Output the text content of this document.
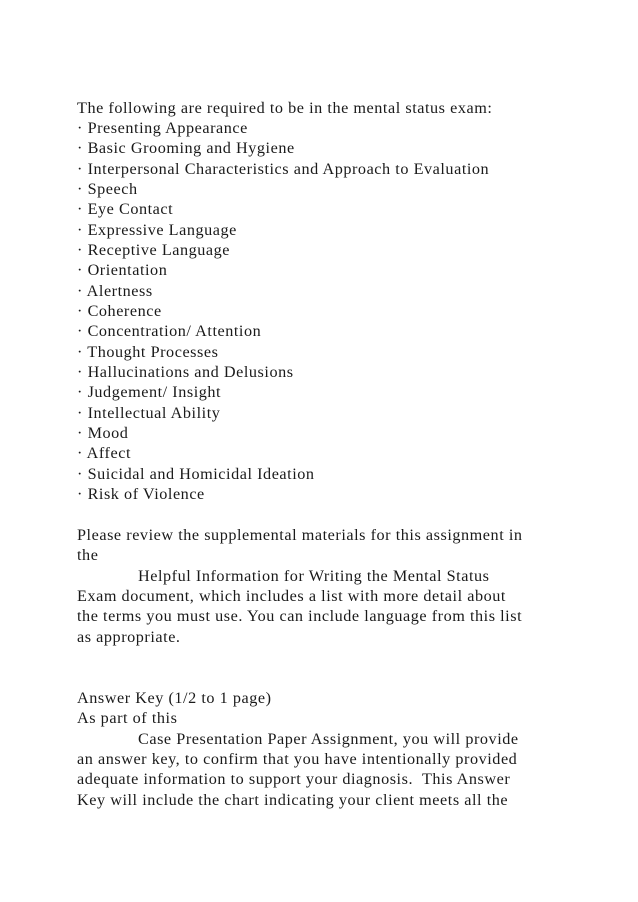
The following are required to be in the mental status exam:
· Presenting Appearance
· Basic Grooming and Hygiene
· Interpersonal Characteristics and Approach to Evaluation
· Speech
· Eye Contact
· Expressive Language
· Receptive Language
· Orientation
· Alertness
· Coherence
· Concentration/ Attention
· Thought Processes
· Hallucinations and Delusions
· Judgement/ Insight
· Intellectual Ability
· Mood
· Affect
· Suicidal and Homicidal Ideation
· Risk of Violence
Please review the supplemental materials for this assignment in
the
Helpful Information for Writing the Mental Status
Exam document, which includes a list with more detail about
the terms you must use. You can include language from this list
as appropriate.
Answer Key (1/2 to 1 page)
As part of this
Case Presentation Paper Assignment, you will provide
an answer key, to confirm that you have intentionally provided
adequate information to support your diagnosis.  This Answer
Key will include the chart indicating your client meets all the
